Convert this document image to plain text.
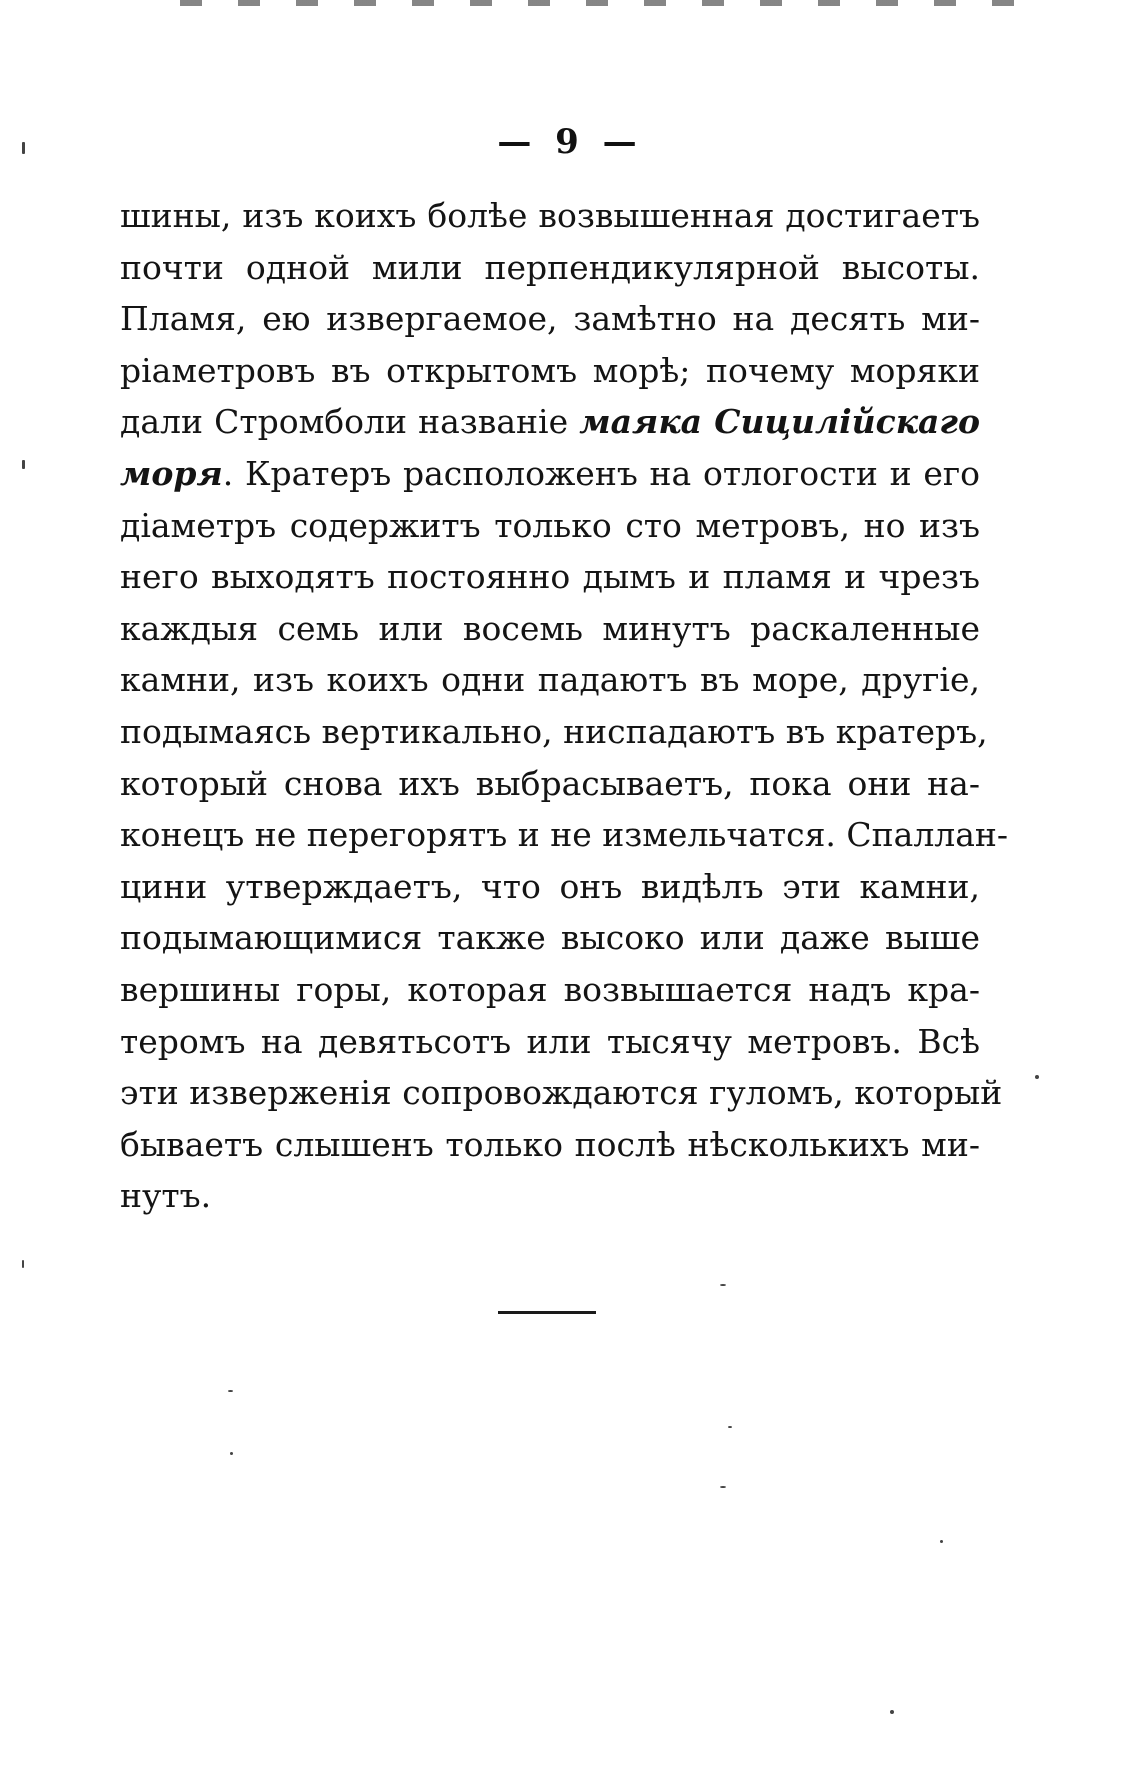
— 9 —
шины, изъ коихъ болѣе возвышенная достигаетъ
почти одной мили перпендикулярной высоты.
Пламя, ею извергаемое, замѣтно на десять ми-
ріаметровъ въ открытомъ морѣ; почему моряки
дали Стромболи названіе маяка Сицилійскаго
моря. Кратеръ расположенъ на отлогости и его
діаметръ содержитъ только сто метровъ, но изъ
него выходятъ постоянно дымъ и пламя и чрезъ
каждыя семь или восемь минутъ раскаленные
камни, изъ коихъ одни падаютъ въ море, другіе,
подымаясь вертикально, ниспадаютъ въ кратеръ,
который снова ихъ выбрасываетъ, пока они на-
конецъ не перегорятъ и не измельчатся. Спаллан-
цини утверждаетъ, что онъ видѣлъ эти камни,
подымающимися также высоко или даже выше
вершины горы, которая возвышается надъ кра-
теромъ на девятьсотъ или тысячу метровъ. Всѣ
эти изверженія сопровождаются гуломъ, который
бываетъ слышенъ только послѣ нѣсколькихъ ми-
нутъ.
